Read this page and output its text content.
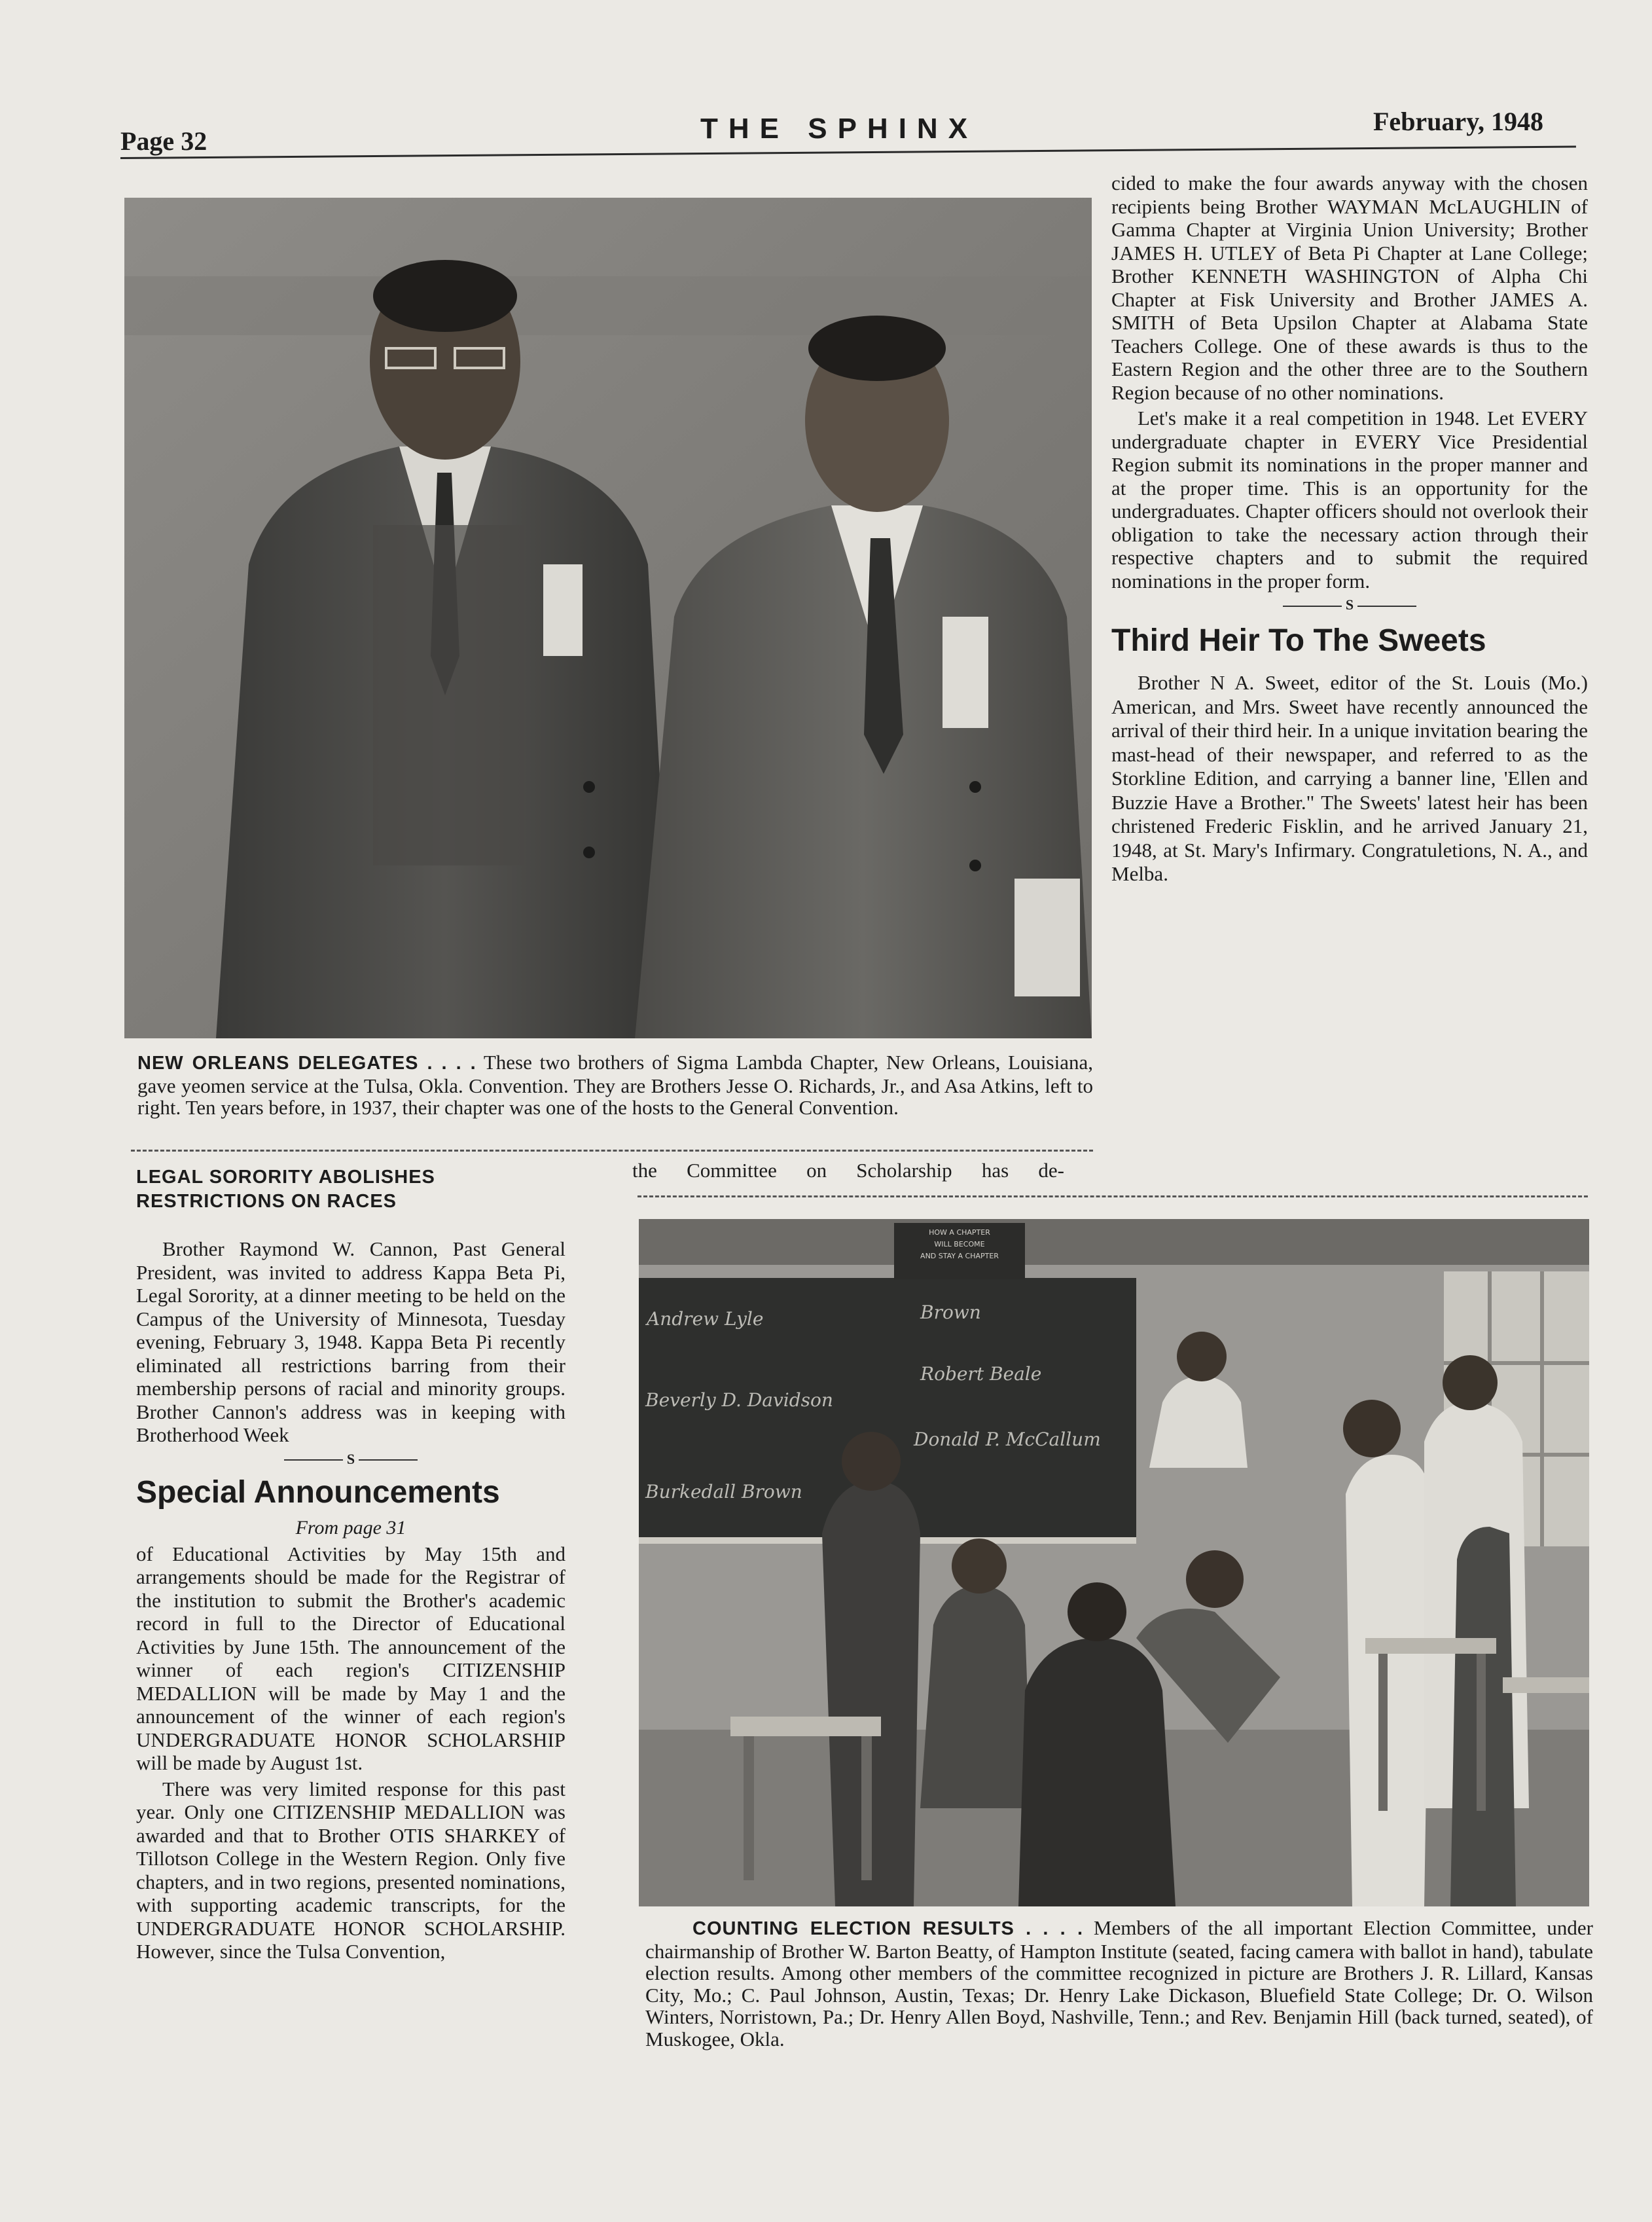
Page 32	THE SPHINX	February, 1948

NEW ORLEANS DELEGATES . . . . These two brothers of Sigma Lambda Chapter, New Orleans, Louisiana, gave yeomen service at the Tulsa, Okla. Convention. They are Brothers Jesse O. Richards, Jr., and Asa Atkins, left to right. Ten years before, in 1937, their chapter was one of the hosts to the General Convention.

cided to make the four awards anyway with the chosen recipients being Brother WAYMAN McLAUGHLIN of Gamma Chapter at Virginia Union University; Brother JAMES H. UTLEY of Beta Pi Chapter at Lane College; Brother KENNETH WASHINGTON of Alpha Chi Chapter at Fisk University and Brother JAMES A. SMITH of Beta Upsilon Chapter at Alabama State Teachers College. One of these awards is thus to the Eastern Region and the other three are to the Southern Region because of no other nominations.

Let's make it a real competition in 1948. Let EVERY undergraduate chapter in EVERY Vice Presidential Region submit its nominations in the proper manner and at the proper time. This is an opportunity for the undergraduates. Chapter officers should not overlook their obligation to take the necessary action through their respective chapters and to submit the required nominations in the proper form.

S
Third Heir To The Sweets

Brother N A. Sweet, editor of the St. Louis (Mo.) American, and Mrs. Sweet have recently announced the arrival of their third heir. In a unique invitation bearing the mast-head of their newspaper, and referred to as the Storkline Edition, and carrying a banner line, 'Ellen and Buzzie Have a Brother." The Sweets' latest heir has been christened Frederic Fisklin, and he arrived January 21, 1948, at St. Mary's Infirmary. Congratuletions, N. A., and Melba.

LEGAL SORORITY ABOLISHES RESTRICTIONS ON RACES

Brother Raymond W. Cannon, Past General President, was invited to address Kappa Beta Pi, Legal Sorority, at a dinner meeting to be held on the Campus of the University of Minnesota, Tuesday evening, February 3, 1948. Kappa Beta Pi recently eliminated all restrictions barring from their membership persons of racial and minority groups. Brother Cannon's address was in keeping with Brotherhood Week

S
Special Announcements
From page 31

of Educational Activities by May 15th and arrangements should be made for the Registrar of the institution to submit the Brother's academic record in full to the Director of Educational Activities by June 15th. The announcement of the winner of each region's CITIZENSHIP MEDALLION will be made by May 1 and the announcement of the winner of each region's UNDERGRADUATE HONOR SCHOLARSHIP will be made by August 1st.

There was very limited response for this past year. Only one CITIZENSHIP MEDALLION was awarded and that to Brother OTIS SHARKEY of Tillotson College in the Western Region. Only five chapters, and in two regions, presented nominations, with supporting academic transcripts, for the UNDERGRADUATE HONOR SCHOLARSHIP. However, since the Tulsa Convention,

the Committee on Scholarship has de-

Andrew Lyle	Brown
Beverly D. Davidson
Robert Beale
Donald P. McCallum
Burkedall Brown
HOW A CHAPTER
WILL BECOME
AND STAY A CHAPTER

COUNTING ELECTION RESULTS . . . . Members of the all important Election Committee, under chairmanship of Brother W. Barton Beatty, of Hampton Institute (seated, facing camera with ballot in hand), tabulate election results. Among other members of the committee recognized in picture are Brothers J. R. Lillard, Kansas City, Mo.; C. Paul Johnson, Austin, Texas; Dr. Henry Lake Dickason, Bluefield State College; Dr. O. Wilson Winters, Norristown, Pa.; Dr. Henry Allen Boyd, Nashville, Tenn.; and Rev. Benjamin Hill (back turned, seated), of Muskogee, Okla.
